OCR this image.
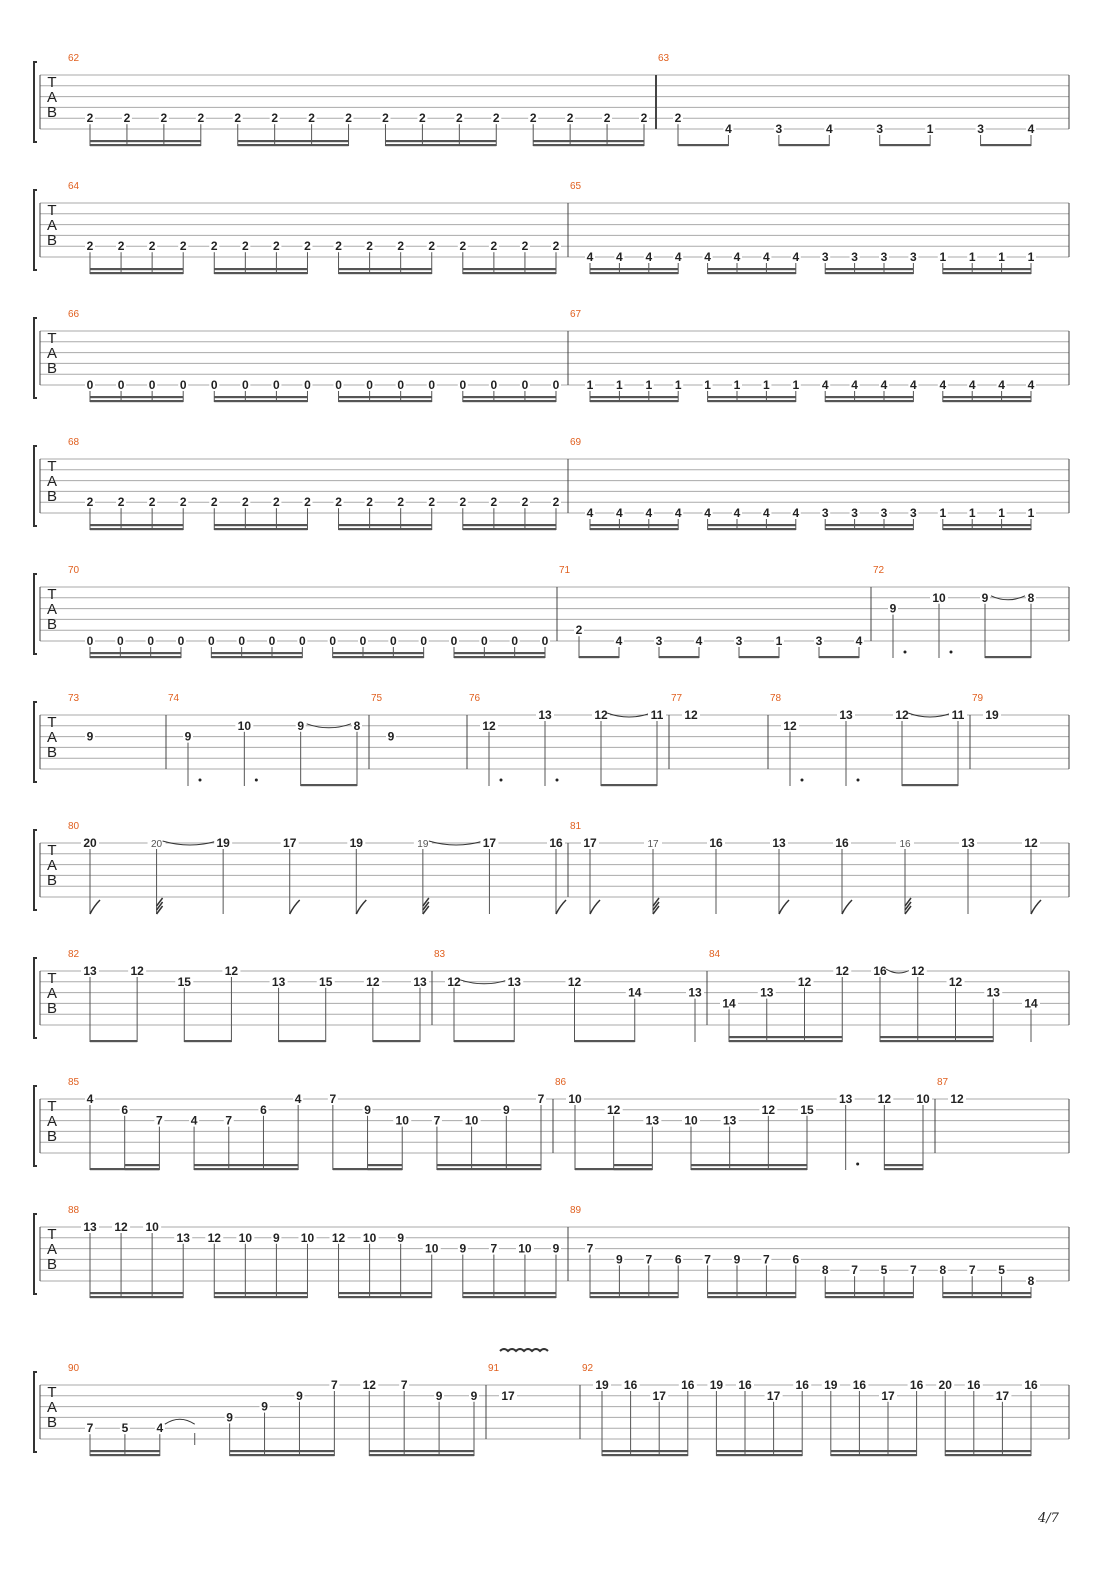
T
A
B
62
2	2	2	2	2	2	2	2	2	2	2	2	2	2	2	2
63
2
4	3	4	3	1	3	4
T
A
B
64
2 2 2 2 2 2 2 2 2 2 2 2 2 2 2 2
65
4 4 4 4 4 4 4 4 3 3 3 3 1 1 1 1
T
A
B
66
0 0 0 0 0 0 0 0 0 0 0 0 0 0 0 0
67
1 1 1 1 1 1 1 1 4 4 4 4 4 4 4 4
T
A
B
68
2 2 2 2 2 2 2 2 2 2 2 2 2 2 2 2
69
4 4 4 4 4 4 4 4 3 3 3 3 1 1 1 1
T
A
B
70
0 0 0 0 0 0 0 0 0 0 0 0 0 0 0 0
71
2
4	3	4	3	1	3	4
72
9
10	9	8
T
A
B
73
9
74
9
10	9	8
75
9
76
12
13	12	11
77
12
78
12
13	12	11
79
19
T
A
B
80
20	20	19	17	19	19	17	16
81
17	17	16	13	16	16	13	12
T
A
B
82
13	12
15
12
13	15	12	13
83
12	13	12
14	13
84
14
13
12
12 16 12
12
13
14
T
A
B
85
4
6
7 4 7
6
4 7
9
10 7 10
9
7
86
10
12
13 10 13
12 15
13 12 10
87
12
T
A
B
88
13 12 10
13 12 10 9 10 12 10 9
10 9 7 10 9
89
7
9 7 6 7 9 7 6
8 7 5 7 8 7 5
8
T
A
B
90
7 5 4
9
9
9
7 12 7
9 9
91
17
92
19 16
17
16 19 16
17
16 19 16
17
16 20 16
17
16
4/7
